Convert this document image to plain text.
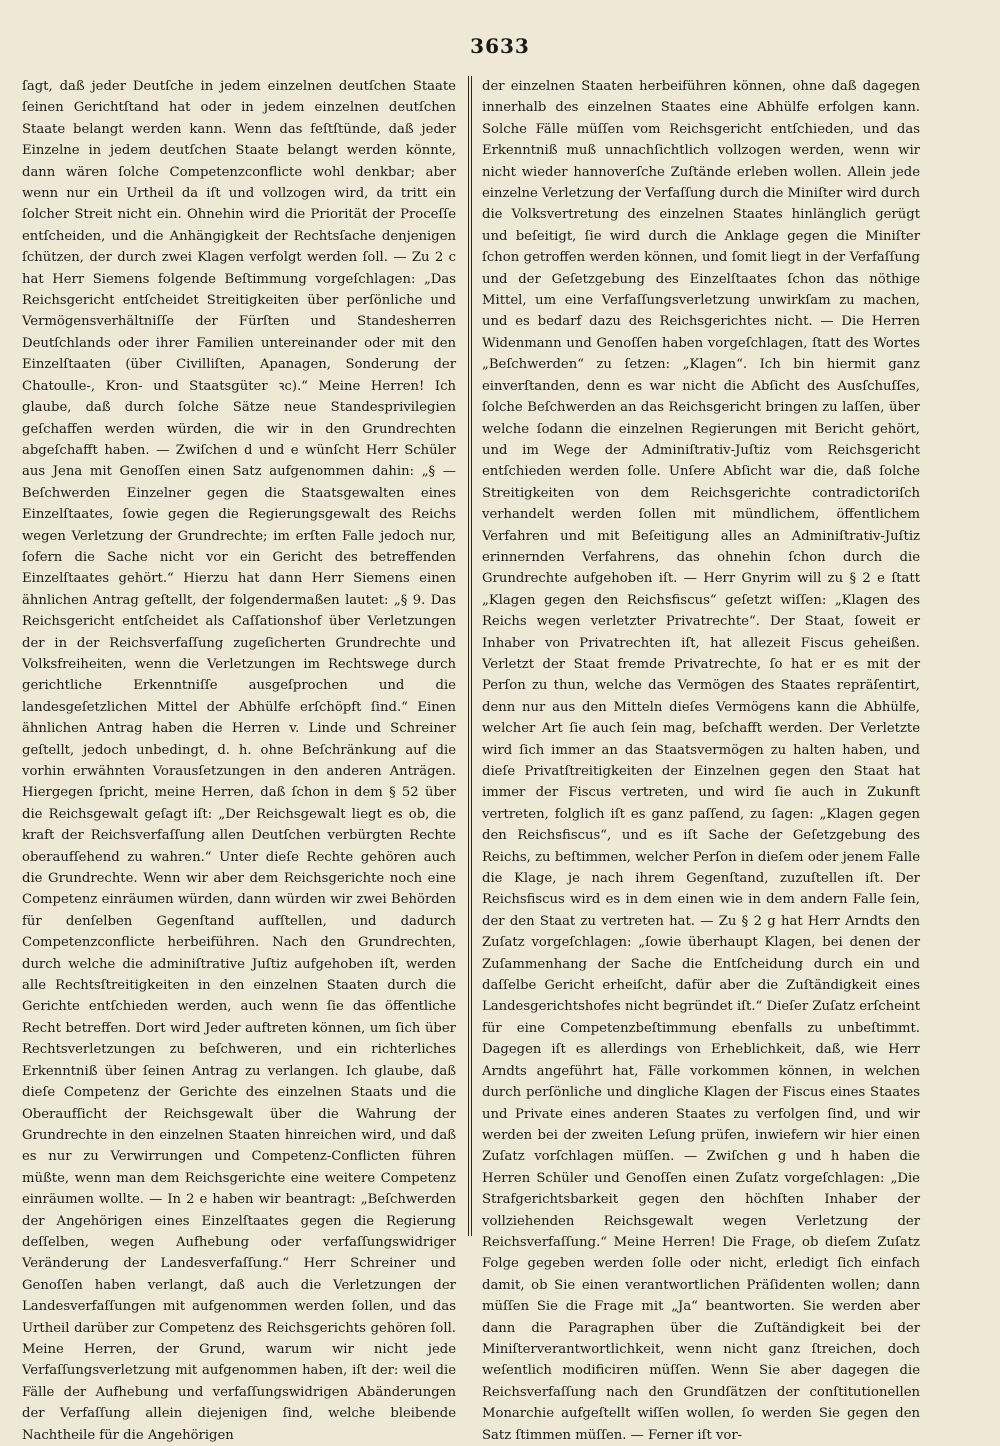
3633

ſagt, daß jeder Deutſche in jedem einzelnen deutſchen Staate ſeinen Gerichtſtand hat oder in jedem einzelnen deutſchen Staate belangt werden kann. Wenn das feſtſtünde, daß jeder Einzelne in jedem deutſchen Staate belangt werden könnte, dann wären ſolche Competenzconflicte wohl denkbar; aber wenn nur ein Urtheil da iſt und vollzogen wird, da tritt ein ſolcher Streit nicht ein. Ohnehin wird die Priorität der Proceſſe entſcheiden, und die Anhängigkeit der Rechtsſache denjenigen ſchützen, der durch zwei Klagen verfolgt werden ſoll. — Zu 2 c hat Herr Siemens folgende Beſtimmung vorgeſchlagen: „Das Reichsgericht entſcheidet Streitigkeiten über perſönliche und Vermögensverhältniſſe der Fürſten und Standesherren Deutſchlands oder ihrer Familien untereinander oder mit den Einzelſtaaten (über Civilliſten, Apanagen, Sonderung der Chatoulle-, Kron- und Staatsgüter ꝛc).“ Meine Herren! Ich glaube, daß durch ſolche Sätze neue Standesprivilegien geſchaffen werden würden, die wir in den Grundrechten abgeſchafft haben. — Zwiſchen d und e wünſcht Herr Schüler aus Jena mit Genoſſen einen Satz aufgenommen dahin: „§ — Beſchwerden Einzelner gegen die Staatsgewalten eines Einzelſtaates, ſowie gegen die Regierungsgewalt des Reichs wegen Verletzung der Grundrechte; im erſten Falle jedoch nur, ſofern die Sache nicht vor ein Gericht des betreffenden Einzelſtaates gehört.“ Hierzu hat dann Herr Siemens einen ähnlichen Antrag geſtellt, der folgendermaßen lautet: „§ 9. Das Reichsgericht entſcheidet als Caſſationshof über Verletzungen der in der Reichsverfaſſung zugeſicherten Grundrechte und Volksfreiheiten, wenn die Verletzungen im Rechtswege durch gerichtliche Erkenntniſſe ausgeſprochen und die landesgeſetzlichen Mittel der Abhülfe erſchöpft ſind.“ Einen ähnlichen Antrag haben die Herren v. Linde und Schreiner geſtellt, jedoch unbedingt, d. h. ohne Beſchränkung auf die vorhin erwähnten Vorausſetzungen in den anderen Anträgen. Hiergegen ſpricht, meine Herren, daß ſchon in dem § 52 über die Reichsgewalt geſagt iſt: „Der Reichsgewalt liegt es ob, die kraft der Reichsverfaſſung allen Deutſchen verbürgten Rechte oberaufſehend zu wahren.“ Unter dieſe Rechte gehören auch die Grundrechte. Wenn wir aber dem Reichsgerichte noch eine Competenz einräumen würden, dann würden wir zwei Behörden für denſelben Gegenſtand aufſtellen, und dadurch Competenzconflicte herbeiführen. Nach den Grundrechten, durch welche die adminiſtrative Juſtiz aufgehoben iſt, werden alle Rechtsſtreitigkeiten in den einzelnen Staaten durch die Gerichte entſchieden werden, auch wenn ſie das öffentliche Recht betreffen. Dort wird Jeder auftreten können, um ſich über Rechtsverletzungen zu beſchweren, und ein richterliches Erkenntniß über ſeinen Antrag zu verlangen. Ich glaube, daß dieſe Competenz der Gerichte des einzelnen Staats und die Oberaufſicht der Reichsgewalt über die Wahrung der Grundrechte in den einzelnen Staaten hinreichen wird, und daß es nur zu Verwirrungen und Competenz-Conflicten führen müßte, wenn man dem Reichsgerichte eine weitere Competenz einräumen wollte. — In 2 e haben wir beantragt: „Beſchwerden der Angehörigen eines Einzelſtaates gegen die Regierung deſſelben, wegen Aufhebung oder verfaſſungswidriger Veränderung der Landesverfaſſung.“ Herr Schreiner und Genoſſen haben verlangt, daß auch die Verletzungen der Landesverfaſſungen mit aufgenommen werden ſollen, und das Urtheil darüber zur Competenz des Reichsgerichts gehören ſoll. Meine Herren, der Grund, warum wir nicht jede Verfaſſungsverletzung mit aufgenommen haben, iſt der: weil die Fälle der Aufhebung und verfaſſungswidrigen Abänderungen der Verfaſſung allein diejenigen ſind, welche bleibende Nachtheile für die Angehörigen

der einzelnen Staaten herbeiführen können, ohne daß dagegen innerhalb des einzelnen Staates eine Abhülfe erfolgen kann. Solche Fälle müſſen vom Reichsgericht entſchieden, und das Erkenntniß muß unnachſichtlich vollzogen werden, wenn wir nicht wieder hannoverſche Zuſtände erleben wollen. Allein jede einzelne Verletzung der Verfaſſung durch die Miniſter wird durch die Volksvertretung des einzelnen Staates hinlänglich gerügt und beſeitigt, ſie wird durch die Anklage gegen die Miniſter ſchon getroffen werden können, und ſomit liegt in der Verfaſſung und der Geſetzgebung des Einzelſtaates ſchon das nöthige Mittel, um eine Verfaſſungsverletzung unwirkſam zu machen, und es bedarf dazu des Reichsgerichtes nicht. — Die Herren Widenmann und Genoſſen haben vorgeſchlagen, ſtatt des Wortes „Beſchwerden“ zu ſetzen: „Klagen“. Ich bin hiermit ganz einverſtanden, denn es war nicht die Abſicht des Ausſchuſſes, ſolche Beſchwerden an das Reichsgericht bringen zu laſſen, über welche ſodann die einzelnen Regierungen mit Bericht gehört, und im Wege der Adminiſtrativ-Juſtiz vom Reichsgericht entſchieden werden ſolle. Unſere Abſicht war die, daß ſolche Streitigkeiten von dem Reichsgerichte contradictoriſch verhandelt werden ſollen mit mündlichem, öffentlichem Verfahren und mit Beſeitigung alles an Adminiſtrativ-Juſtiz erinnernden Verfahrens, das ohnehin ſchon durch die Grundrechte aufgehoben iſt. — Herr Gnyrim will zu § 2 e ſtatt „Klagen gegen den Reichsfiscus“ geſetzt wiſſen: „Klagen des Reichs wegen verletzter Privatrechte“. Der Staat, ſoweit er Inhaber von Privatrechten iſt, hat allezeit Fiscus geheißen. Verletzt der Staat fremde Privatrechte, ſo hat er es mit der Perſon zu thun, welche das Vermögen des Staates repräſentirt, denn nur aus den Mitteln dieſes Vermögens kann die Abhülfe, welcher Art ſie auch ſein mag, beſchafft werden. Der Verletzte wird ſich immer an das Staatsvermögen zu halten haben, und dieſe Privatſtreitigkeiten der Einzelnen gegen den Staat hat immer der Fiscus vertreten, und wird ſie auch in Zukunft vertreten, folglich iſt es ganz paſſend, zu ſagen: „Klagen gegen den Reichsfiscus“, und es iſt Sache der Geſetzgebung des Reichs, zu beſtimmen, welcher Perſon in dieſem oder jenem Falle die Klage, je nach ihrem Gegenſtand, zuzuſtellen iſt. Der Reichsfiscus wird es in dem einen wie in dem andern Falle ſein, der den Staat zu vertreten hat. — Zu § 2 g hat Herr Arndts den Zuſatz vorgeſchlagen: „ſowie überhaupt Klagen, bei denen der Zuſammenhang der Sache die Entſcheidung durch ein und daſſelbe Gericht erheiſcht, dafür aber die Zuſtändigkeit eines Landesgerichtshofes nicht begründet iſt.“ Dieſer Zuſatz erſcheint für eine Competenzbeſtimmung ebenfalls zu unbeſtimmt. Dagegen iſt es allerdings von Erheblichkeit, daß, wie Herr Arndts angeführt hat, Fälle vorkommen können, in welchen durch perſönliche und dingliche Klagen der Fiscus eines Staates und Private eines anderen Staates zu verfolgen ſind, und wir werden bei der zweiten Leſung prüfen, inwiefern wir hier einen Zuſatz vorſchlagen müſſen. — Zwiſchen g und h haben die Herren Schüler und Genoſſen einen Zuſatz vorgeſchlagen: „Die Strafgerichtsbarkeit gegen den höchſten Inhaber der vollziehenden Reichsgewalt wegen Verletzung der Reichsverfaſſung.“ Meine Herren! Die Frage, ob dieſem Zuſatz Folge gegeben werden ſolle oder nicht, erledigt ſich einfach damit, ob Sie einen verantwortlichen Präſidenten wollen; dann müſſen Sie die Frage mit „Ja“ beantworten. Sie werden aber dann die Paragraphen über die Zuſtändigkeit bei der Miniſterverantwortlichkeit, wenn nicht ganz ſtreichen, doch weſentlich modificiren müſſen. Wenn Sie aber dagegen die Reichsverfaſſung nach den Grundſätzen der conſtitutionellen Monarchie aufgeſtellt wiſſen wollen, ſo werden Sie gegen den Satz ſtimmen müſſen. — Ferner iſt vor-
